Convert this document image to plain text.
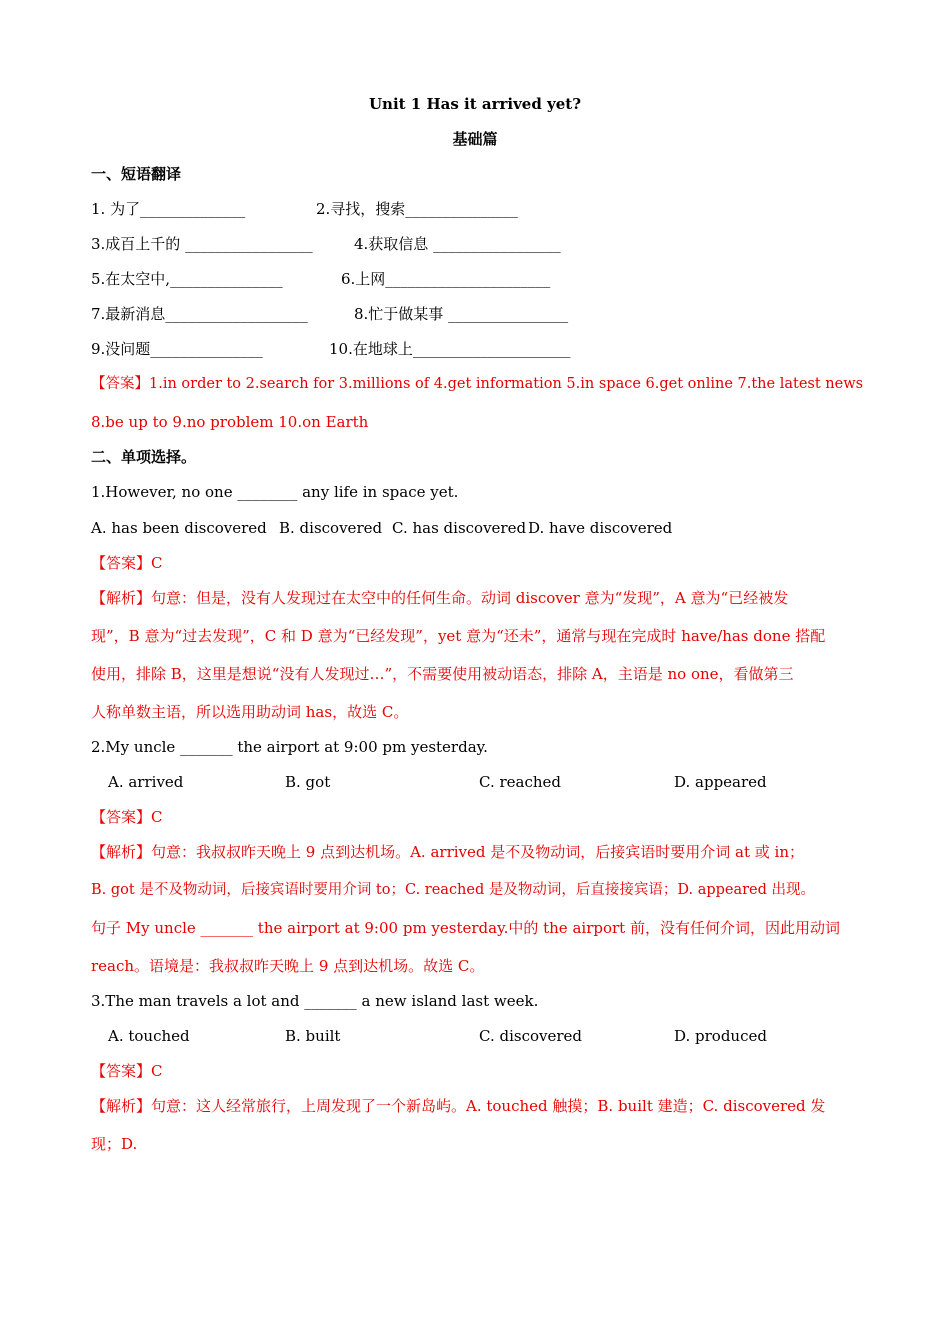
Unit 1 Has it arrived yet?
基础篇
一、短语翻译
1. 为了______________	2.寻找，搜索_______________
3.成百上千的 _________________	4.获取信息 _________________
5.在太空中,_______________	6.上网______________________
7.最新消息___________________	8.忙于做某事 ________________
9.没问题_______________	10.在地球上_____________________
【答案】1.in order to 2.search for 3.millions of 4.get information 5.in space 6.get online 7.the latest news
8.be up to 9.no problem 10.on Earth
二、单项选择。
1.However, no one ________ any life in space yet.
A. has been discovered B. discovered C. has discovered D. have discovered
【答案】C
【解析】句意：但是，没有人发现过在太空中的任何生命。动词 discover 意为“发现”，A 意为“已经被发
现”，B 意为“过去发现”，C 和 D 意为“已经发现”，yet 意为“还未”，通常与现在完成时 have/has done 搭配
使用，排除 B，这里是想说“没有人发现过…”，不需要使用被动语态，排除 A，主语是 no one，看做第三
人称单数主语，所以选用助动词 has，故选 C。
2.My uncle _______ the airport at 9:00 pm yesterday.
A. arrived	B. got	C. reached	D. appeared
【答案】C
【解析】句意：我叔叔昨天晚上 9 点到达机场。A. arrived 是不及物动词，后接宾语时要用介词 at 或 in；
B. got 是不及物动词，后接宾语时要用介词 to；C. reached 是及物动词，后直接接宾语；D. appeared 出现。
句子 My uncle _______ the airport at 9:00 pm yesterday.中的 the airport 前，没有任何介词，因此用动词
reach。语境是：我叔叔昨天晚上 9 点到达机场。故选 C。
3.The man travels a lot and _______ a new island last week.
A. touched	B. built	C. discovered	D. produced
【答案】C
【解析】句意：这人经常旅行，上周发现了一个新岛屿。A. touched 触摸；B. built 建造；C. discovered 发
现；D.
